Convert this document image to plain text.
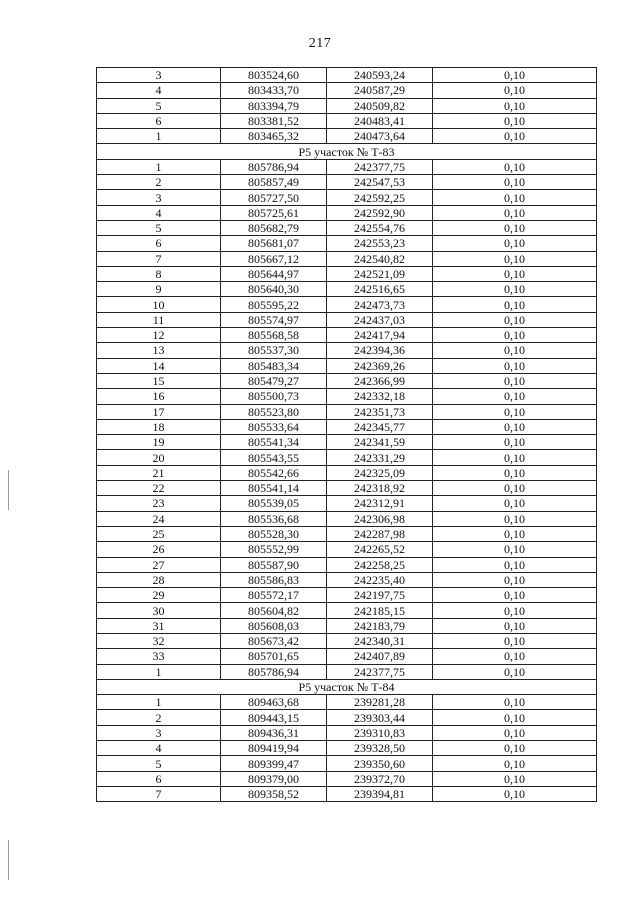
217
3	803524,60	240593,24	0,10
4	803433,70	240587,29	0,10
5	803394,79	240509,82	0,10
6	803381,52	240483,41	0,10
1	803465,32	240473,64	0,10
Р5 участок № Т-83			
1	805786,94	242377,75	0,10
2	805857,49	242547,53	0,10
3	805727,50	242592,25	0,10
4	805725,61	242592,90	0,10
5	805682,79	242554,76	0,10
6	805681,07	242553,23	0,10
7	805667,12	242540,82	0,10
8	805644,97	242521,09	0,10
9	805640,30	242516,65	0,10
10	805595,22	242473,73	0,10
11	805574,97	242437,03	0,10
12	805568,58	242417,94	0,10
13	805537,30	242394,36	0,10
14	805483,34	242369,26	0,10
15	805479,27	242366,99	0,10
16	805500,73	242332,18	0,10
17	805523,80	242351,73	0,10
18	805533,64	242345,77	0,10
19	805541,34	242341,59	0,10
20	805543,55	242331,29	0,10
21	805542,66	242325,09	0,10
22	805541,14	242318,92	0,10
23	805539,05	242312,91	0,10
24	805536,68	242306,98	0,10
25	805528,30	242287,98	0,10
26	805552,99	242265,52	0,10
27	805587,90	242258,25	0,10
28	805586,83	242235,40	0,10
29	805572,17	242197,75	0,10
30	805604,82	242185,15	0,10
31	805608,03	242183,79	0,10
32	805673,42	242340,31	0,10
33	805701,65	242407,89	0,10
1	805786,94	242377,75	0,10
Р5 участок № Т-84			
1	809463,68	239281,28	0,10
2	809443,15	239303,44	0,10
3	809436,31	239310,83	0,10
4	809419,94	239328,50	0,10
5	809399,47	239350,60	0,10
6	809379,00	239372,70	0,10
7	809358,52	239394,81	0,10
